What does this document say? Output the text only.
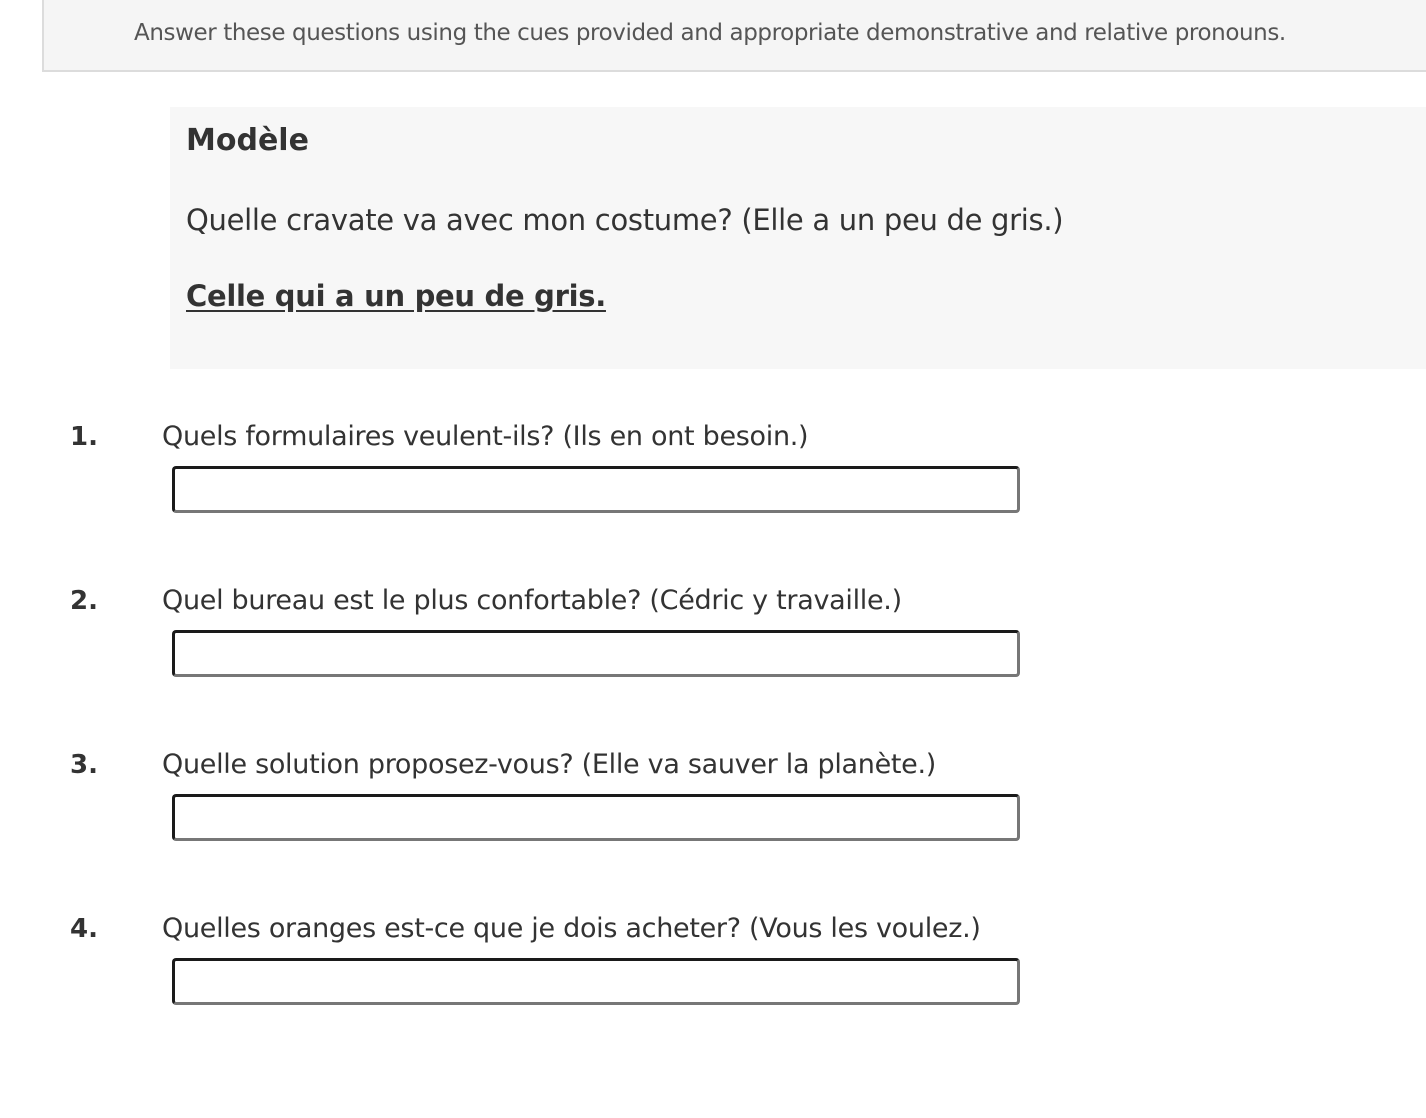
Answer these questions using the cues provided and appropriate demonstrative and relative pronouns.
Modèle
Quelle cravate va avec mon costume? (Elle a un peu de gris.)
Celle qui a un peu de gris.
1. Quels formulaires veulent-ils? (Ils en ont besoin.)
2. Quel bureau est le plus confortable? (Cédric y travaille.)
3. Quelle solution proposez-vous? (Elle va sauver la planète.)
4. Quelles oranges est-ce que je dois acheter? (Vous les voulez.)
